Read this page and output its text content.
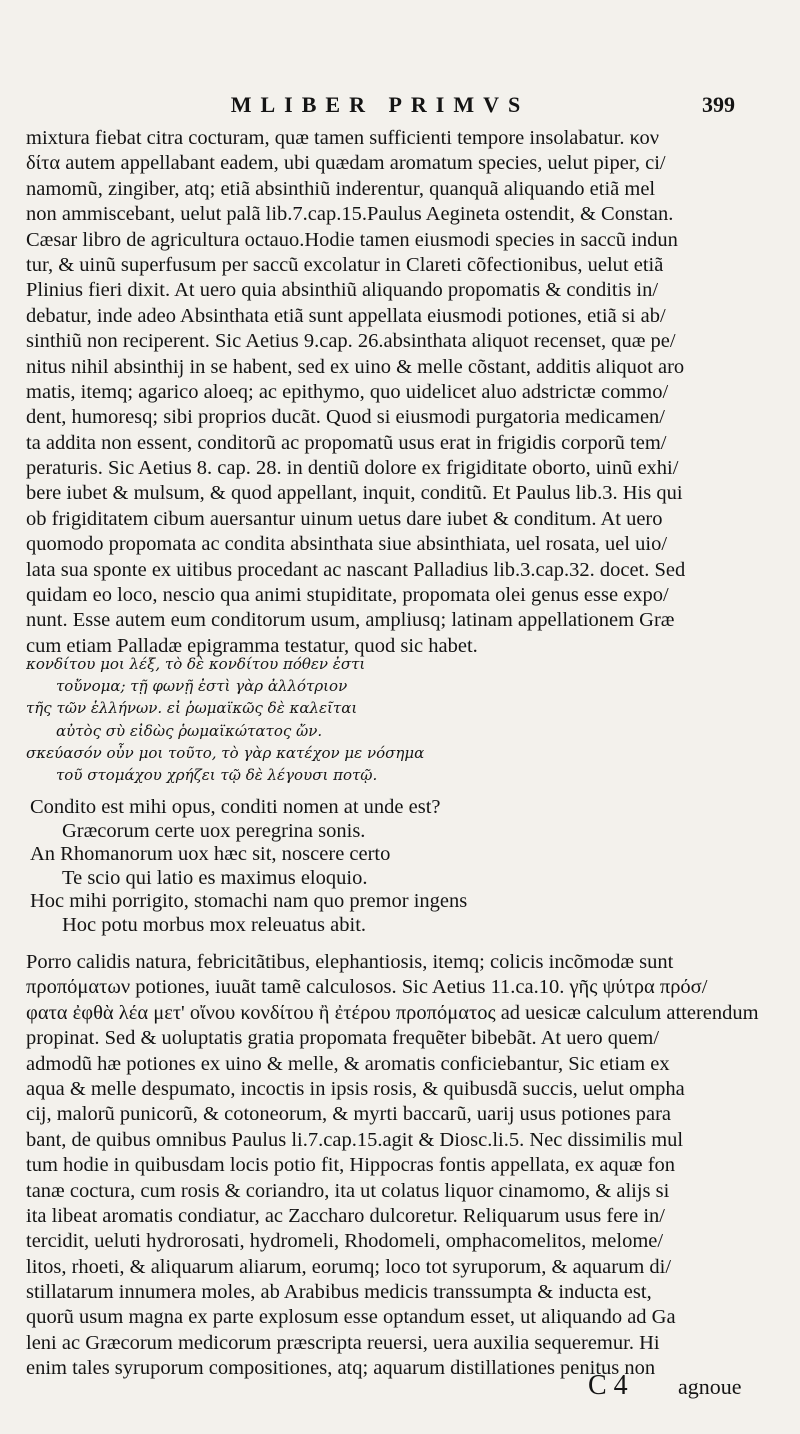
MLIBER PRIMVS	399
mixtura fiebat citra cocturam, quæ tamen sufficienti tempore insolabatur. κον
δίτα autem appellabant eadem, ubi quædam aromatum species, uelut piper, ci/
namomũ, zingiber, atq; etiã absinthiũ inderentur, quanquã aliquando etiã mel
non ammiscebant, uelut palã lib.7.cap.15.Paulus Aegineta ostendit, & Constan.
Cæsar libro de agricultura octauo.Hodie tamen eiusmodi species in saccũ indun
tur, & uinũ superfusum per saccũ excolatur in Clareti cõfectionibus, uelut etiã
Plinius fieri dixit. At uero quia absinthiũ aliquando propomatis & conditis in/
debatur, inde adeo Absinthata etiã sunt appellata eiusmodi potiones, etiã si ab/
sinthiũ non reciperent. Sic Aetius 9.cap. 26.absinthata aliquot recenset, quæ pe/
nitus nihil absinthij in se habent, sed ex uino & melle cõstant, additis aliquot aro
matis, itemq; agarico aloeq; ac epithymo, quo uidelicet aluo adstrictæ commo/
dent, humoresq; sibi proprios ducãt. Quod si eiusmodi purgatoria medicamen/
ta addita non essent, conditorũ ac propomatũ usus erat in frigidis corporũ tem/
peraturis. Sic Aetius 8. cap. 28. in dentiũ dolore ex frigiditate oborto, uinũ exhi/
bere iubet & mulsum, & quod appellant, inquit, conditũ. Et Paulus lib.3. His qui
ob frigiditatem cibum auersantur uinum uetus dare iubet & conditum. At uero
quomodo propomata ac condita absinthata siue absinthiata, uel rosata, uel uio/
lata sua sponte ex uitibus procedant ac nascant Palladius lib.3.cap.32. docet. Sed
quidam eo loco, nescio qua animi stupiditate, propomata olei genus esse expo/
nunt. Esse autem eum conditorum usum, ampliusq; latinam appellationem Græ
cum etiam Palladæ epigramma testatur, quod sic habet.
κονδίτου μοι λέξ, τὸ δὲ κονδίτου πόθεν ἐστι
τοὔνομα; τῇ φωνῇ ἐστὶ γὰρ ἀλλότριον
τῆς τῶν ἑλλήνων. εἰ ῥωμαϊκῶς δὲ καλεῖται
αὐτὸς σὺ εἰδὼς ῥωμαϊκώτατος ὤν.
σκεύασόν οὖν μοι τοῦτο, τὸ γὰρ κατέχον με νόσημα
τοῦ στομάχου χρήζει τῷ δὲ λέγουσι ποτῷ.
Condito est mihi opus, conditi nomen at unde est?
Græcorum certe uox peregrina sonis.
An Rhomanorum uox hæc sit, noscere certo
Te scio qui latio es maximus eloquio.
Hoc mihi porrigito, stomachi nam quo premor ingens
Hoc potu morbus mox releuatus abit.
Porro calidis natura, febricitãtibus, elephantiosis, itemq; colicis incõmodæ sunt
προπόματων potiones, iuuãt tamẽ calculosos. Sic Aetius 11.ca.10. γῆς ψύτρα πρόσ/
φατα ἐφθὰ λέα μετ' οἴνου κονδίτου ἢ ἐτέρου προπόματος ad uesicæ calculum atterendum
propinat. Sed & uoluptatis gratia propomata frequẽter bibebãt. At uero quem/
admodũ hæ potiones ex uino & melle, & aromatis conficiebantur, Sic etiam ex
aqua & melle despumato, incoctis in ipsis rosis, & quibusdã succis, uelut ompha
cij, malorũ punicorũ, & cotoneorum, & myrti baccarũ, uarij usus potiones para
bant, de quibus omnibus Paulus li.7.cap.15.agit & Diosc.li.5. Nec dissimilis mul
tum hodie in quibusdam locis potio fit, Hippocras fontis appellata, ex aquæ fon
tanæ coctura, cum rosis & coriandro, ita ut colatus liquor cinamomo, & alijs si
ita libeat aromatis condiatur, ac Zaccharo dulcoretur. Reliquarum usus fere in/
tercidit, ueluti hydrorosati, hydromeli, Rhodomeli, omphacomelitos, melome/
litos, rhoeti, & aliquarum aliarum, eorumq; loco tot syruporum, & aquarum di/
stillatarum innumera moles, ab Arabibus medicis transsumpta & inducta est,
quorũ usum magna ex parte explosum esse optandum esset, ut aliquando ad Ga
leni ac Græcorum medicorum præscripta reuersi, uera auxilia sequeremur. Hi
enim tales syruporum compositiones, atq; aquarum distillationes penitus non
C 4 agnoue
